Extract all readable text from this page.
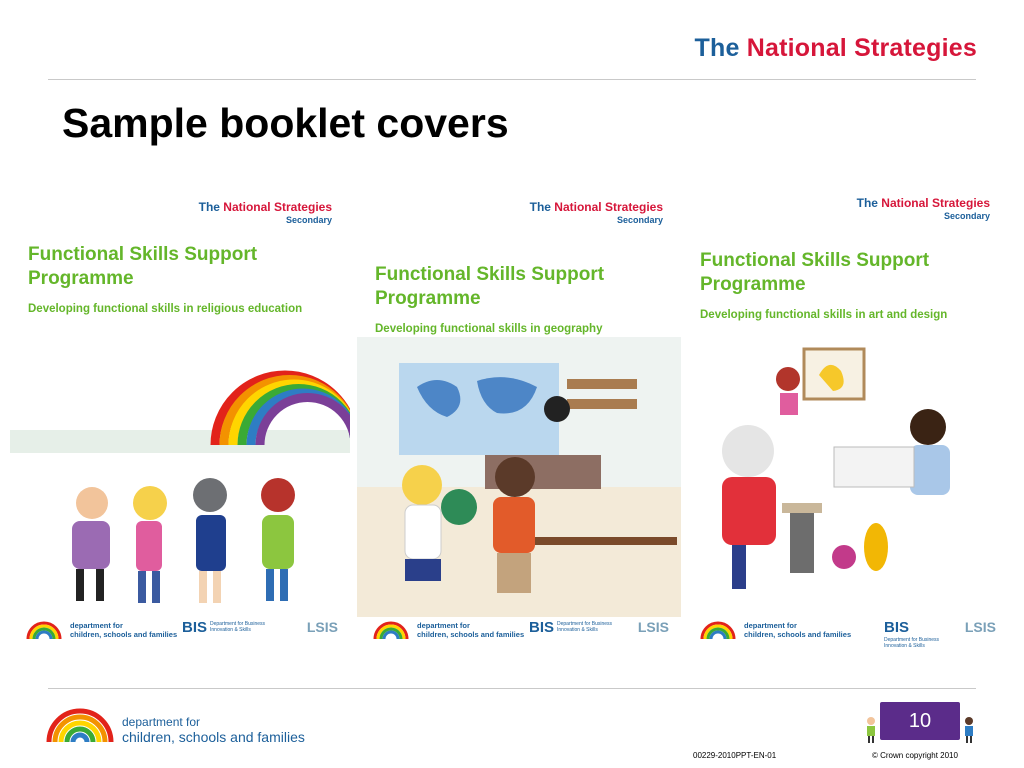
The National Strategies
Sample booklet covers
The National Strategies
Secondary
Functional Skills Support
Programme
Developing functional skills in religious education
department for
children, schools and families BIS Department for Business Innovation & Skills	LSIS
The National Strategies
Secondary
Functional Skills Support
Programme
Developing functional skills in geography
department for
children, schools and families BIS Department for Business Innovation & Skills	LSIS
The National Strategies
Secondary
Functional Skills Support
Programme
Developing functional skills in art and design
department for
children, schools and families BIS
Department for Business Innovation & Skills
LSIS
department for
children, schools and families
10
00229-2010PPT-EN-01	© Crown copyright 2010
